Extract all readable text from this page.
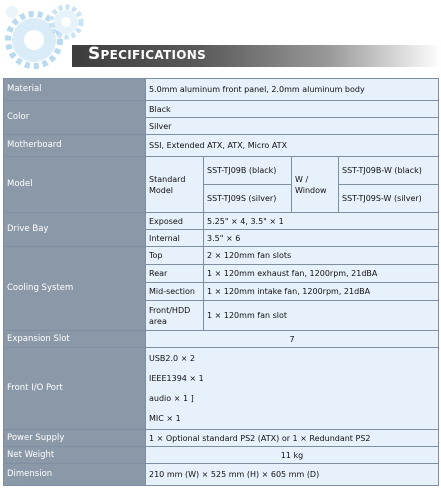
SPECIFICATIONS
Material	5.0mm aluminum front panel, 2.0mm aluminum body			
Color	Black			
	Silver			
Motherboard	SSI, Extended ATX, ATX, Micro ATX			
Model	Standard Model	SST-TJ09B (black)	W / Window	SST-TJ09B-W (black)
		SST-TJ09S (silver)		SST-TJ09S-W (silver)
Drive Bay	Exposed	5.25" × 4, 3.5" × 1		
	Internal	3.5" × 6		
Cooling System	Top	2 × 120mm fan slots		
	Rear	1 × 120mm exhaust fan, 1200rpm, 21dBA		
	Mid-section	1 × 120mm intake fan, 1200rpm, 21dBA		
	Front/HDD area	1 × 120mm fan slot		
Expansion Slot	7			
Front I/O Port	USB2.0 × 2
IEEE1394 × 1
audio × 1 ]
MIC × 1			

Power Supply	1 × Optional standard PS2 (ATX) or 1 × Redundant PS2			
Net Weight	11 kg			
Dimension	210 mm (W) × 525 mm (H) × 605 mm (D)			
